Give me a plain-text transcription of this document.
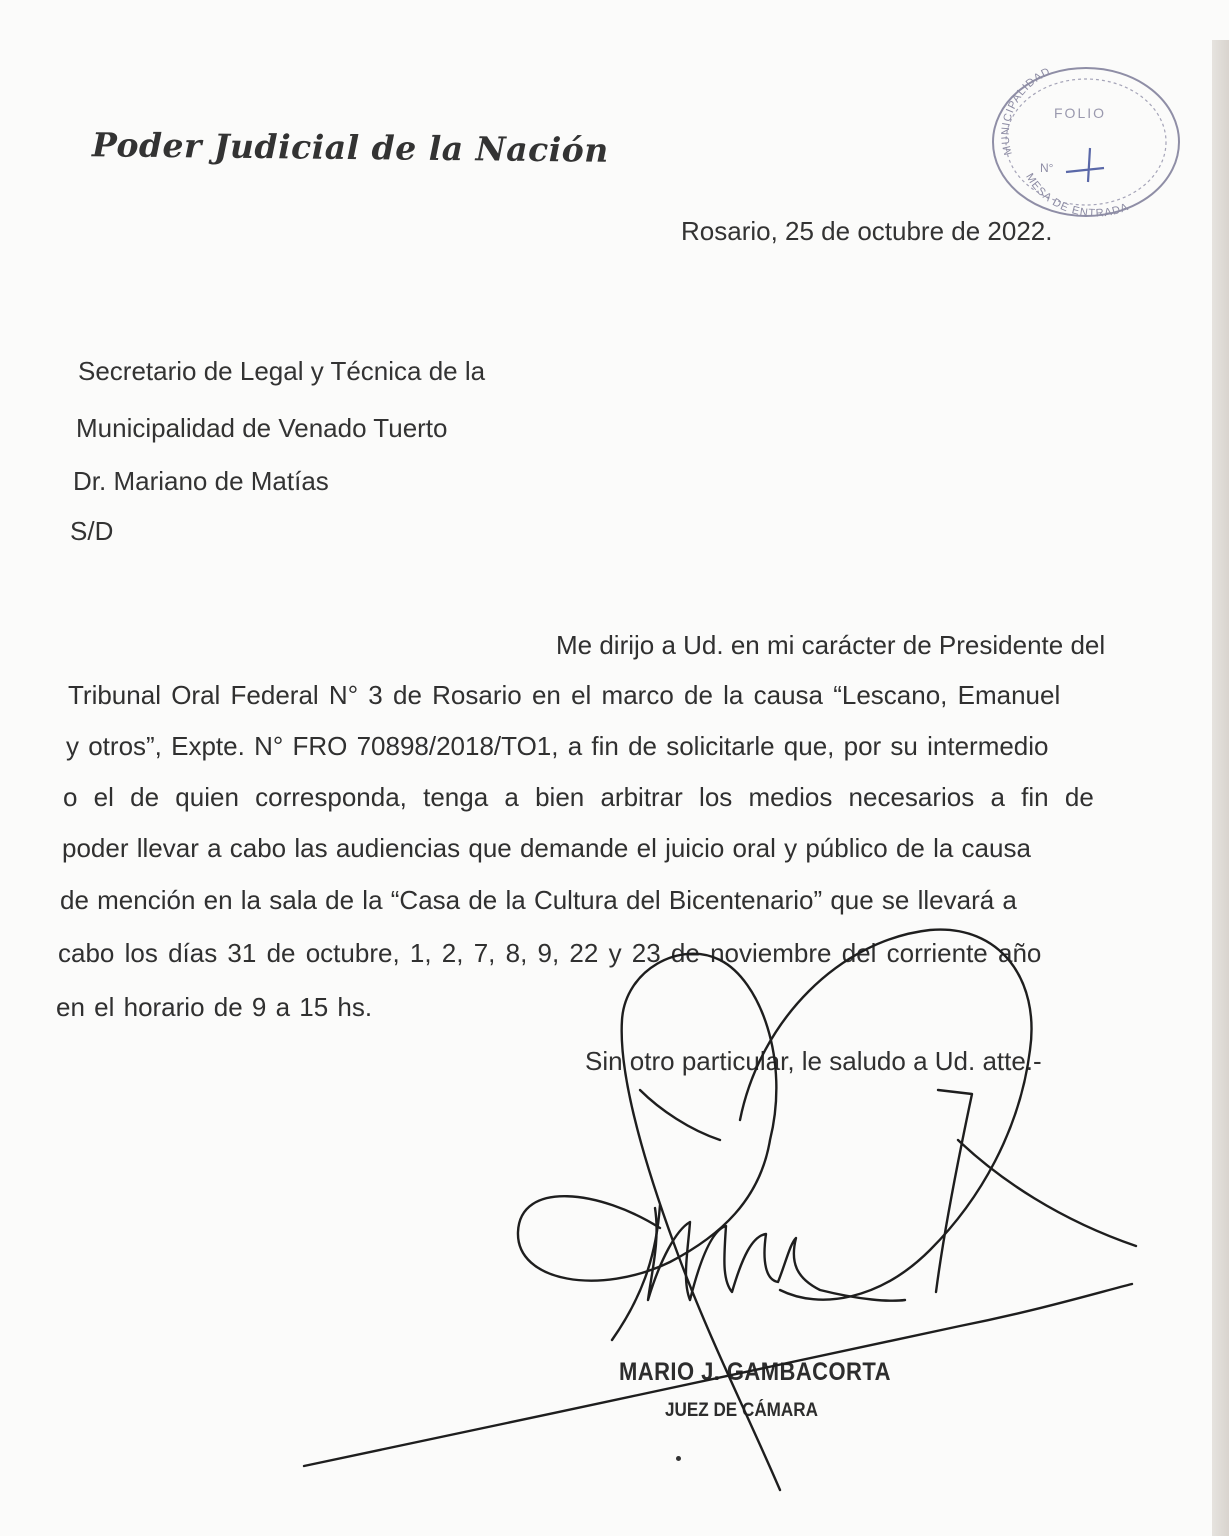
Poder Judicial de la Nación	MUNICIPALIDAD
FOLIO
N°
MESA DE ENTRADA
Rosario, 25 de octubre de 2022.
Secretario de Legal y Técnica de la
Municipalidad de Venado Tuerto
Dr. Mariano de Matías
S/D
Me dirijo a Ud. en mi carácter de Presidente del
Tribunal Oral Federal N° 3 de Rosario en el marco de la causa “Lescano, Emanuel
y otros”, Expte. N° FRO 70898/2018/TO1, a fin de solicitarle que, por su intermedio
o el de quien corresponda, tenga a bien arbitrar los medios necesarios a fin de
poder llevar a cabo las audiencias que demande el juicio oral y público de la causa
de mención en la sala de la “Casa de la Cultura del Bicentenario” que se llevará a
cabo los días 31 de octubre, 1, 2, 7, 8, 9, 22 y 23 de noviembre del corriente año
en el horario de 9 a 15 hs.
Sin otro particular, le saludo a Ud. atte.-
MARIO J. GAMBACORTA
JUEZ DE CÁMARA
